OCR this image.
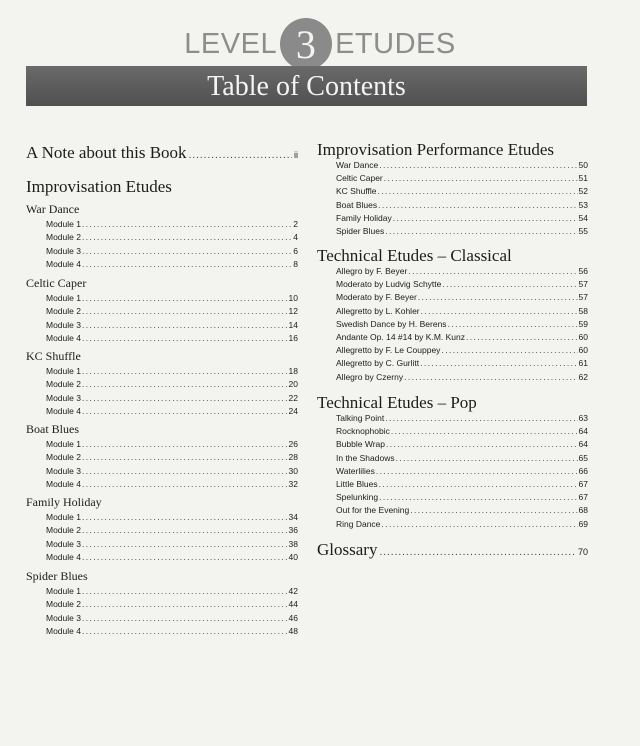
LEVEL 3 ETUDES
Table of Contents
A Note about this Book .....	ii
Improvisation Etudes
War Dance
Module 1 .....	2
Module 2 .....	4
Module 3 .....	6
Module 4 .....	8
Celtic Caper
Module 1 .....	10
Module 2 .....	12
Module 3 .....	14
Module 4 .....	16
KC Shuffle
Module 1 .....	18
Module 2 .....	20
Module 3 .....	22
Module 4 .....	24
Boat Blues
Module 1 .....	26
Module 2 .....	28
Module 3 .....	30
Module 4 .....	32
Family Holiday
Module 1 .....	34
Module 2 .....	36
Module 3 .....	38
Module 4 .....	40
Spider Blues
Module 1 .....	42
Module 2 .....	44
Module 3 .....	46
Module 4 .....	48
Improvisation Performance Etudes
War Dance .....	50
Celtic Caper .....	51
KC Shuffle .....	52
Boat Blues .....	53
Family Holiday .....	54
Spider Blues .....	55
Technical Etudes – Classical
Allegro by F. Beyer .....	56
Moderato by Ludvig Schytte .....	57
Moderato by F. Beyer .....	57
Allegretto by L. Kohler .....	58
Swedish Dance by H. Berens .....	59
Andante Op. 14 #14 by K.M. Kunz .....	60
Allegretto by F. Le Couppey .....	60
Allegretto by C. Gurlitt .....	61
Allegro by Czerny .....	62
Technical Etudes – Pop
Talking Point .....	63
Rocknophobic .....	64
Bubble Wrap .....	64
In the Shadows .....	65
Waterlilies .....	66
Little Blues .....	67
Spelunking .....	67
Out for the Evening .....	68
Ring Dance .....	69
Glossary .....	70
